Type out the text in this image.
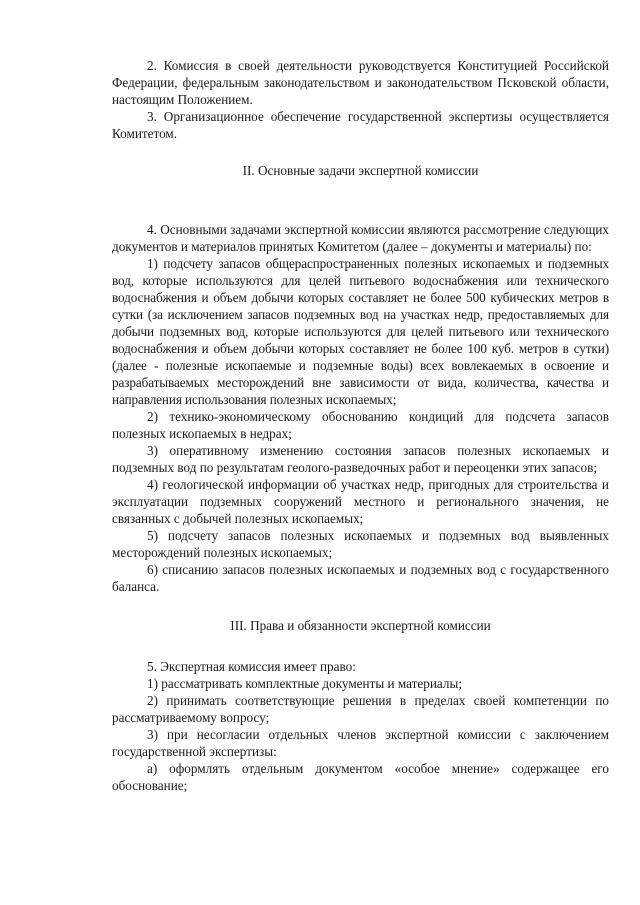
2. Комиссия в своей деятельности руководствуется Конституцией Российской Федерации, федеральным законодательством и законодательством Псковской области, настоящим Положением.

3. Организационное обеспечение государственной экспертизы осуществляется Комитетом.

II. Основные задачи экспертной комиссии

4. Основными задачами экспертной комиссии являются рассмотрение следующих документов и материалов принятых Комитетом (далее – документы и материалы) по:

1) подсчету запасов общераспространенных полезных ископаемых и подземных вод, которые используются для целей питьевого водоснабжения или технического водоснабжения и объем добычи которых составляет не более 500 кубических метров в сутки (за исключением запасов подземных вод на участках недр, предоставляемых для добычи подземных вод, которые используются для целей питьевого или технического водоснабжения и объем добычи которых составляет не более 100 куб. метров в сутки) (далее - полезные ископаемые и подземные воды) всех вовлекаемых в освоение и разрабатываемых месторождений вне зависимости от вида, количества, качества и направления использования полезных ископаемых;

2) технико-экономическому обоснованию кондиций для подсчета запасов полезных ископаемых в недрах;

3) оперативному изменению состояния запасов полезных ископаемых и подземных вод по результатам геолого-разведочных работ и переоценки этих запасов;

4) геологической информации об участках недр, пригодных для строительства и эксплуатации подземных сооружений местного и регионального значения, не связанных с добычей полезных ископаемых;

5) подсчету запасов полезных ископаемых и подземных вод выявленных месторождений полезных ископаемых;

6) списанию запасов полезных ископаемых и подземных вод с государственного баланса.

III. Права и обязанности экспертной комиссии

5. Экспертная комиссия имеет право:

1) рассматривать комплектные документы и материалы;

2) принимать соответствующие решения в пределах своей компетенции по рассматриваемому вопросу;

3) при несогласии отдельных членов экспертной комиссии с заключением государственной экспертизы:

а) оформлять отдельным документом «особое мнение» содержащее его обоснование;
